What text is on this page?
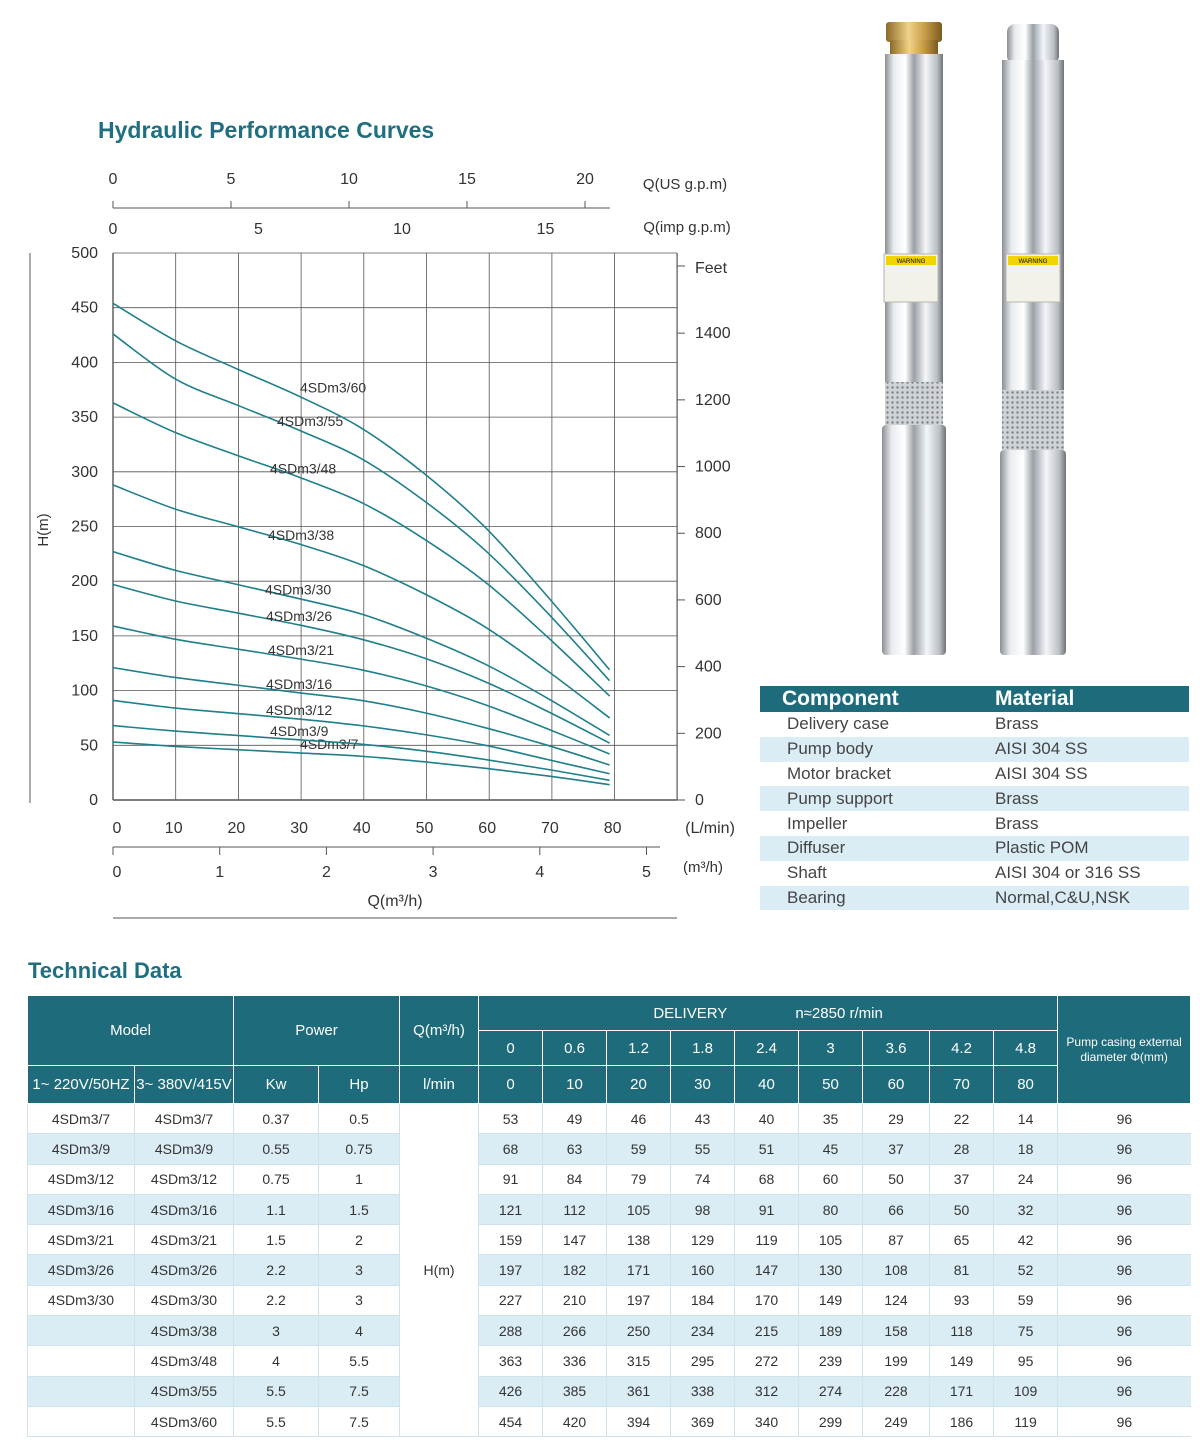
Hydraulic Performance Curves
0
50
100
150
200
250
300
350
400
450
500
H(m)
0
200
400
600
800
1000
1200
1400
Feet
0	10	20	30	40	50	60	70	80	(L/min)
0	1	2	3	4	5 (m³/h)
Q(m³/h)
0	5	10	15	20	Q(US g.p.m)
0	5	10	15	Q(imp g.p.m)
4SDm3/7
4SDm3/9
4SDm3/12
4SDm3/16
4SDm3/21
4SDm3/26
4SDm3/30
4SDm3/38
4SDm3/48
4SDm3/55
4SDm3/60
WARNING	WARNING
Component	Material
Delivery case	Brass
Pump body	AISI 304 SS
Motor bracket	AISI 304 SS
Pump support	Brass
Impeller	Brass
Diffuser	Plastic POM
Shaft	AISI 304 or 316 SS
Bearing	Normal,C&U,NSK
Technical Data
Model		Power		Q(m³/h)	DELIVERY n≈2850 r/min									Pump casing external diameter Φ(mm)
					0	0.6	1.2	1.8	2.4	3	3.6	4.2	4.8	
1~ 220V/50HZ	3~ 380V/415V	Kw	Hp	l/min	0	10	20	30	40	50	60	70	80	
4SDm3/7	4SDm3/7	0.37	0.5	H(m)	53	49	46	43	40	35	29	22	14	96
4SDm3/9	4SDm3/9	0.55	0.75		68	63	59	55	51	45	37	28	18	96
4SDm3/12	4SDm3/12	0.75	1		91	84	79	74	68	60	50	37	24	96
4SDm3/16	4SDm3/16	1.1	1.5		121	112	105	98	91	80	66	50	32	96
4SDm3/21	4SDm3/21	1.5	2		159	147	138	129	119	105	87	65	42	96
4SDm3/26	4SDm3/26	2.2	3		197	182	171	160	147	130	108	81	52	96
4SDm3/30	4SDm3/30	2.2	3		227	210	197	184	170	149	124	93	59	96
	4SDm3/38	3	4		288	266	250	234	215	189	158	118	75	96
	4SDm3/48	4	5.5		363	336	315	295	272	239	199	149	95	96
	4SDm3/55	5.5	7.5		426	385	361	338	312	274	228	171	109	96
	4SDm3/60	5.5	7.5		454	420	394	369	340	299	249	186	119	96
